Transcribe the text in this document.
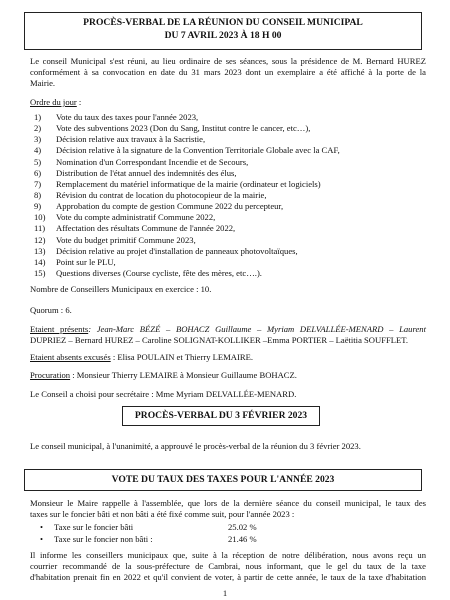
PROCÈS-VERBAL DE LA RÉUNION DU CONSEIL MUNICIPAL
DU 7 AVRIL 2023 À 18 H 00
Le conseil Municipal s'est réuni, au lieu ordinaire de ses séances, sous la présidence de M. Bernard HUREZ
conformément à sa convocation en date du 31 mars 2023 dont un exemplaire a été affiché à la porte de la
Mairie.
Ordre du jour :
1) Vote du taux des taxes pour l'année 2023,
2) Vote des subventions 2023 (Don du Sang, Institut contre le cancer, etc…),
3) Décision relative aux travaux à la Sacristie,
4) Décision relative à la signature de la Convention Territoriale Globale avec la CAF,
5) Nomination d'un Correspondant Incendie et de Secours,
6) Distribution de l'état annuel des indemnités des élus,
7) Remplacement du matériel informatique de la mairie (ordinateur et logiciels)
8) Révision du contrat de location du photocopieur de la mairie,
9) Approbation du compte de gestion Commune 2022 du percepteur,
10) Vote du compte administratif Commune 2022,
11) Affectation des résultats Commune de l'année 2022,
12) Vote du budget primitif Commune 2023,
13) Décision relative au projet d'installation de panneaux photovoltaïques,
14) Point sur le PLU,
15) Questions diverses (Course cycliste, fête des mères, etc….).
Nombre de Conseillers Municipaux en exercice : 10.
Quorum : 6.
Etaient présents: Jean-Marc BÉZÉ – BOHACZ Guillaume – Myriam DELVALLÉE-MENARD – Laurent
DUPRIEZ – Bernard HUREZ – Caroline SOLIGNAT-KOLLIKER –Emma PORTIER – Laëtitia SOUFFLET.
Etaient absents excusés : Elisa POULAIN et Thierry LEMAIRE.
Procuration : Monsieur Thierry LEMAIRE à Monsieur Guillaume BOHACZ.
Le Conseil a choisi pour secrétaire : Mme Myriam DELVALLÉE-MENARD.
PROCÈS-VERBAL DU 3 FÉVRIER 2023
Le conseil municipal, à l'unanimité, a approuvé le procès-verbal de la réunion du 3 février 2023.
VOTE DU TAUX DES TAXES POUR L'ANNÉE 2023
Monsieur le Maire rappelle à l'assemblée, que lors de la dernière séance du conseil municipal, le taux des
taxes sur le foncier bâti et non bâti a été fixé comme suit, pour l'année 2023 :
• Taxe sur le foncier bâti	25.02 %
• Taxe sur le foncier non bâti :	21.46 %
Il informe les conseillers municipaux que, suite à la réception de notre délibération, nous avons reçu un
courrier recommandé de la sous-préfecture de Cambrai, nous informant, que le gel du taux de la taxe
d'habitation prenait fin en 2022 et qu'il convient de voter, à partir de cette année, le taux de la taxe d'habitation
1
